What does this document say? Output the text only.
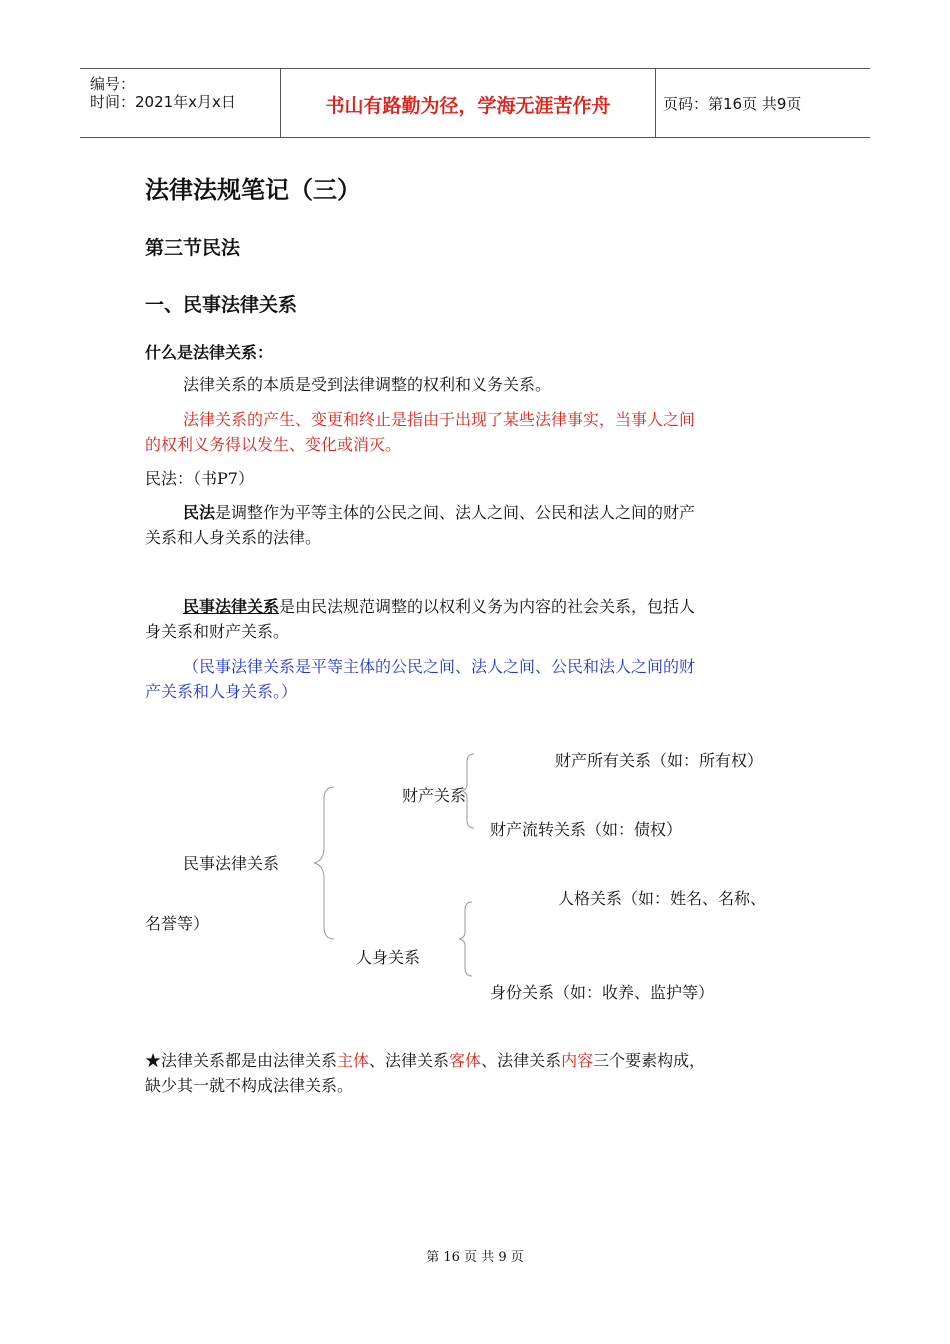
编号：
时间：2021年x月x日	书山有路勤为径，学海无涯苦作舟	页码：第16页 共9页
法律法规笔记（三）
第三节民法
一、民事法律关系
什么是法律关系：
法律关系的本质是受到法律调整的权利和义务关系。
法律关系的产生、变更和终止是指由于出现了某些法律事实，当事人之间
的权利义务得以发生、变化或消灭。
民法：（书P7）
民法是调整作为平等主体的公民之间、法人之间、公民和法人之间的财产
关系和人身关系的法律。
民事法律关系是由民法规范调整的以权利义务为内容的社会关系，包括人
身关系和财产关系。
（民事法律关系是平等主体的公民之间、法人之间、公民和法人之间的财
产关系和人身关系。）
财产所有关系（如：所有权）
财产关系
财产流转关系（如：债权）
民事法律关系
人格关系（如：姓名、名称、
名誉等）
人身关系
身份关系（如：收养、监护等）
★法律关系都是由法律关系主体、法律关系客体、法律关系内容三个要素构成，
缺少其一就不构成法律关系。
第 16 页 共 9 页
